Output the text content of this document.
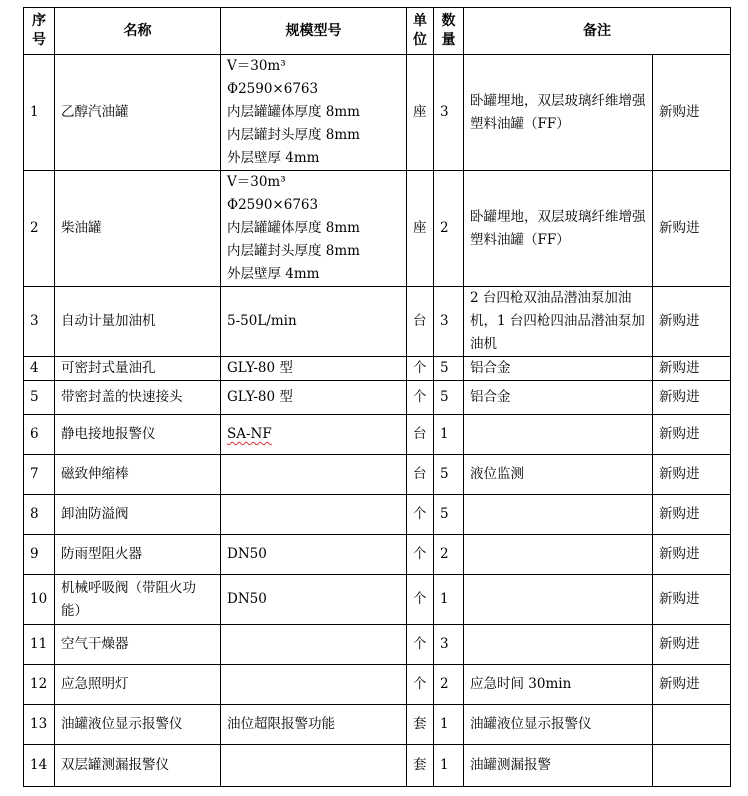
序号	名称	规模型号	单位	数量	备注	
1	乙醇汽油罐	V＝30m³
Φ2590×6763
内层罐罐体厚度 8mm
内层罐封头厚度 8mm
外层壁厚 4mm	座	3	卧罐埋地，双层玻璃纤维增强塑料油罐（FF）	新购进
2	柴油罐	V＝30m³
Φ2590×6763
内层罐罐体厚度 8mm
内层罐封头厚度 8mm
外层壁厚 4mm	座	2	卧罐埋地，双层玻璃纤维增强塑料油罐（FF）	新购进
3	自动计量加油机	5-50L/min	台	3	2 台四枪双油品潜油泵加油机，1 台四枪四油品潜油泵加油机	新购进
4	可密封式量油孔	GLY-80 型	个	5	铝合金	新购进
5	带密封盖的快速接头	GLY-80 型	个	5	铝合金	新购进
6	静电接地报警仪	SA-NF	台	1		新购进
7	磁致伸缩棒		台	5	液位监测	新购进
8	卸油防溢阀		个	5		新购进
9	防雨型阻火器	DN50	个	2		新购进
10	机械呼吸阀（带阻火功能）	DN50	个	1		新购进
11	空气干燥器		个	3		新购进
12	应急照明灯		个	2	应急时间 30min	新购进
13	油罐液位显示报警仪	油位超限报警功能	套	1	油罐液位显示报警仪	
14	双层罐测漏报警仪		套	1	油罐测漏报警	
